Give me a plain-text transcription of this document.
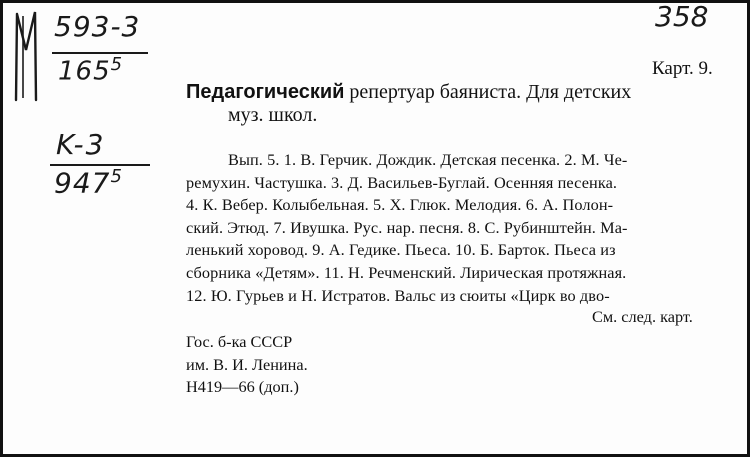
593-3
$165^5$
K-3
$947^5$
358
Карт. 9.
Педагогический репертуар баяниста. Для детских
муз. школ.
Вып. 5. 1. В. Герчик. Дождик. Детская песенка. 2. М. Че-
ремухин. Частушка. 3. Д. Васильев-Буглай. Осенняя песенка.
4. К. Вебер. Колыбельная. 5. Х. Глюк. Мелодия. 6. А. Полон-
ский. Этюд. 7. Ивушка. Рус. нар. песня. 8. С. Рубинштейн. Ма-
ленький хоровод. 9. А. Гедике. Пьеса. 10. Б. Барток. Пьеса из
сборника «Детям». 11. Н. Речменский. Лирическая протяжная.
12. Ю. Гурьев и Н. Истратов. Вальс из сюиты «Цирк во дво-
См. след. карт.
Гос. б-ка СССР
им. В. И. Ленина.
Н419—66 (доп.)
